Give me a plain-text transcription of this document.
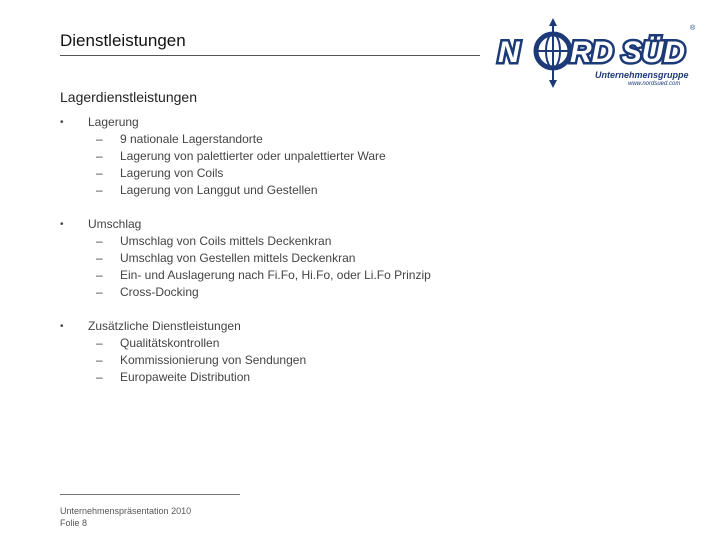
Dienstleistungen	N RD SÜD
®
Unternehmensgruppe
www.nordsued.com
Lagerdienstleistungen
•	Lagerung
–	9 nationale Lagerstandorte
–	Lagerung von palettierter oder unpalettierter Ware
–	Lagerung von Coils
–	Lagerung von Langgut und Gestellen
•	Umschlag
–	Umschlag von Coils mittels Deckenkran
–	Umschlag von Gestellen mittels Deckenkran
–	Ein- und Auslagerung nach Fi.Fo, Hi.Fo, oder Li.Fo Prinzip
–	Cross-Docking
•	Zusätzliche Dienstleistungen
–	Qualitätskontrollen
–	Kommissionierung von Sendungen
–	Europaweite Distribution
Unternehmenspräsentation 2010
Folie 8
